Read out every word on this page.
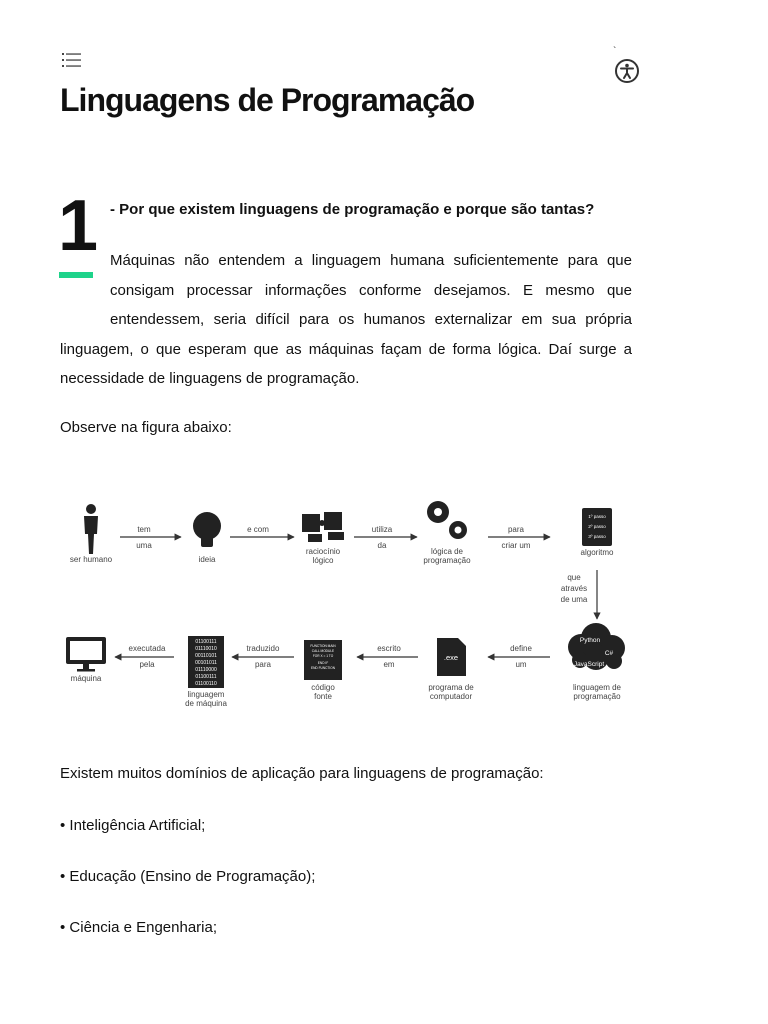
`
Linguagens de Programação
1 - Por que existem linguagens de programação e porque são tantas?

Máquinas não entendem a linguagem humana suficientemente para que consigam processar informações conforme desejamos. E mesmo que entendessem, seria difícil para os humanos externalizar em sua própria linguagem, o que esperam que as máquinas façam de forma lógica. Daí surge a necessidade de linguagens de programação.

Observe na figura abaixo:

ser humano
tem
uma
ideia
e com
raciocínio
lógico
utiliza
da
lógica de
programação
para
criar um
1º passo
2º passo
3º passo
algoritmo
que
através
de uma
Python
C#
JavaScript
linguagem de
programação
define
um
.exe
programa de
computador
escrito
em
FUNCTION MAIN
CALL MODULE
FOR X = 1 TO
END IF
END FUNCTION
código
fonte
traduzido
para
01100111
01110010
00110101
00101011
01110000
01100111
01100110
linguagem
de máquina
executada
pela
máquina

Existem muitos domínios de aplicação para linguagens de programação:

• Inteligência Artificial;
• Educação (Ensino de Programação);
• Ciência e Engenharia;
